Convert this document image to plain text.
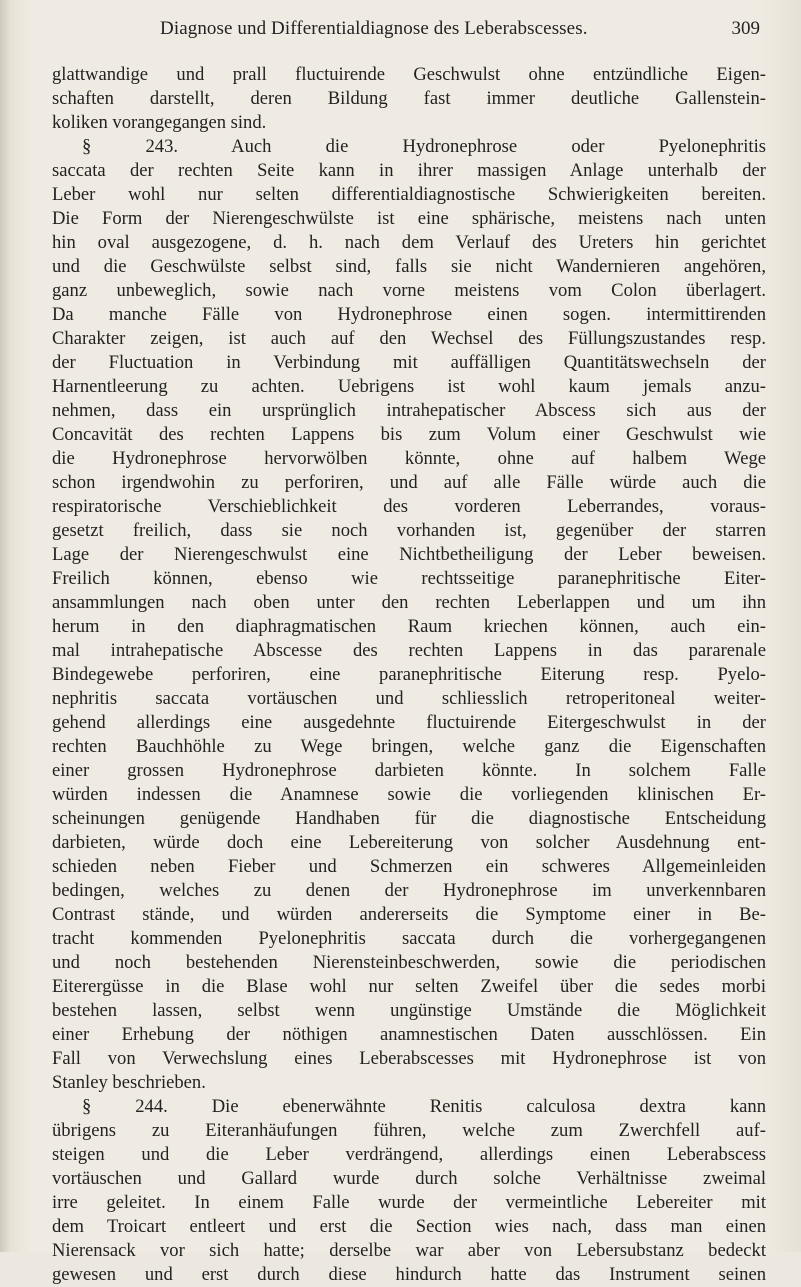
Diagnose und Differentialdiagnose des Leberabscesses.	309
glattwandige und prall fluctuirende Geschwulst ohne entzündliche Eigen-
schaften darstellt, deren Bildung fast immer deutliche Gallenstein-
koliken vorangegangen sind.
§ 243. Auch die Hydronephrose oder Pyelonephritis
saccata der rechten Seite kann in ihrer massigen Anlage unterhalb der
Leber wohl nur selten differentialdiagnostische Schwierigkeiten bereiten.
Die Form der Nierengeschwülste ist eine sphärische, meistens nach unten
hin oval ausgezogene, d. h. nach dem Verlauf des Ureters hin gerichtet
und die Geschwülste selbst sind, falls sie nicht Wandernieren angehören,
ganz unbeweglich, sowie nach vorne meistens vom Colon überlagert.
Da manche Fälle von Hydronephrose einen sogen. intermittirenden
Charakter zeigen, ist auch auf den Wechsel des Füllungszustandes resp.
der Fluctuation in Verbindung mit auffälligen Quantitätswechseln der
Harnentleerung zu achten. Uebrigens ist wohl kaum jemals anzu-
nehmen, dass ein ursprünglich intrahepatischer Abscess sich aus der
Concavität des rechten Lappens bis zum Volum einer Geschwulst wie
die Hydronephrose hervorwölben könnte, ohne auf halbem Wege
schon irgendwohin zu perforiren, und auf alle Fälle würde auch die
respiratorische Verschieblichkeit des vorderen Leberrandes, voraus-
gesetzt freilich, dass sie noch vorhanden ist, gegenüber der starren
Lage der Nierengeschwulst eine Nichtbetheiligung der Leber beweisen.
Freilich können, ebenso wie rechtsseitige paranephritische Eiter-
ansammlungen nach oben unter den rechten Leberlappen und um ihn
herum in den diaphragmatischen Raum kriechen können, auch ein-
mal intrahepatische Abscesse des rechten Lappens in das pararenale
Bindegewebe perforiren, eine paranephritische Eiterung resp. Pyelo-
nephritis saccata vortäuschen und schliesslich retroperitoneal weiter-
gehend allerdings eine ausgedehnte fluctuirende Eitergeschwulst in der
rechten Bauchhöhle zu Wege bringen, welche ganz die Eigenschaften
einer grossen Hydronephrose darbieten könnte. In solchem Falle
würden indessen die Anamnese sowie die vorliegenden klinischen Er-
scheinungen genügende Handhaben für die diagnostische Entscheidung
darbieten, würde doch eine Lebereiterung von solcher Ausdehnung ent-
schieden neben Fieber und Schmerzen ein schweres Allgemeinleiden
bedingen, welches zu denen der Hydronephrose im unverkennbaren
Contrast stände, und würden andererseits die Symptome einer in Be-
tracht kommenden Pyelonephritis saccata durch die vorhergegangenen
und noch bestehenden Nierensteinbeschwerden, sowie die periodischen
Eiterergüsse in die Blase wohl nur selten Zweifel über die sedes morbi
bestehen lassen, selbst wenn ungünstige Umstände die Möglichkeit
einer Erhebung der nöthigen anamnestischen Daten ausschlössen. Ein
Fall von Verwechslung eines Leberabscesses mit Hydronephrose ist von
Stanley beschrieben.
§ 244. Die ebenerwähnte Renitis calculosa dextra kann
übrigens zu Eiteranhäufungen führen, welche zum Zwerchfell auf-
steigen und die Leber verdrängend, allerdings einen Leberabscess
vortäuschen und Gallard wurde durch solche Verhältnisse zweimal
irre geleitet. In einem Falle wurde der vermeintliche Lebereiter mit
dem Troicart entleert und erst die Section wies nach, dass man einen
Nierensack vor sich hatte; derselbe war aber von Lebersubstanz bedeckt
gewesen und erst durch diese hindurch hatte das Instrument seinen
